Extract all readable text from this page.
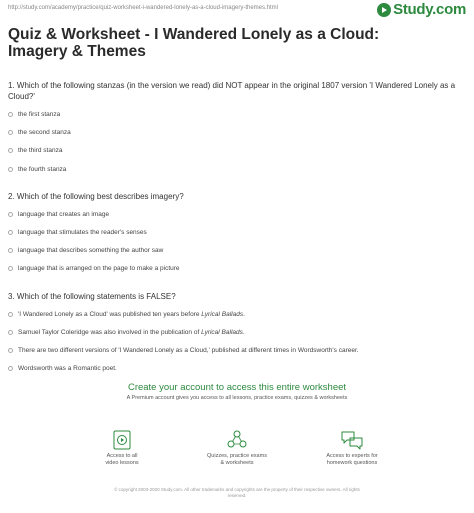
http://study.com/academy/practice/quiz-worksheet-i-wandered-lonely-as-a-cloud-imagery-themes.html	Study.com
Quiz & Worksheet - I Wandered Lonely as a Cloud: Imagery & Themes

1. Which of the following stanzas (in the version we read) did NOT appear in the original 1807 version 'I Wandered Lonely as a Cloud?'

the first stanza
the second stanza
the third stanza
the fourth stanza

2. Which of the following best describes imagery?

language that creates an image
language that stimulates the reader's senses
language that describes something the author saw
language that is arranged on the page to make a picture

3. Which of the following statements is FALSE?

'I Wandered Lonely as a Cloud' was published ten years before Lyrical Ballads.
Samuel Taylor Coleridge was also involved in the publication of Lyrical Ballads.
There are two different versions of 'I Wandered Lonely as a Cloud,' published at different times in Wordsworth's career.
Wordsworth was a Romantic poet.
Create your account to access this entire worksheet
A Premium account gives you access to all lessons, practice exams, quizzes & worksheets
Access to all
video lessons
Quizzes, practice exams
& worksheets
Access to experts for
homework questions
© copyright 2003-2020 Study.com. All other trademarks and copyrights are the property of their respective owners. All rights
reserved.
